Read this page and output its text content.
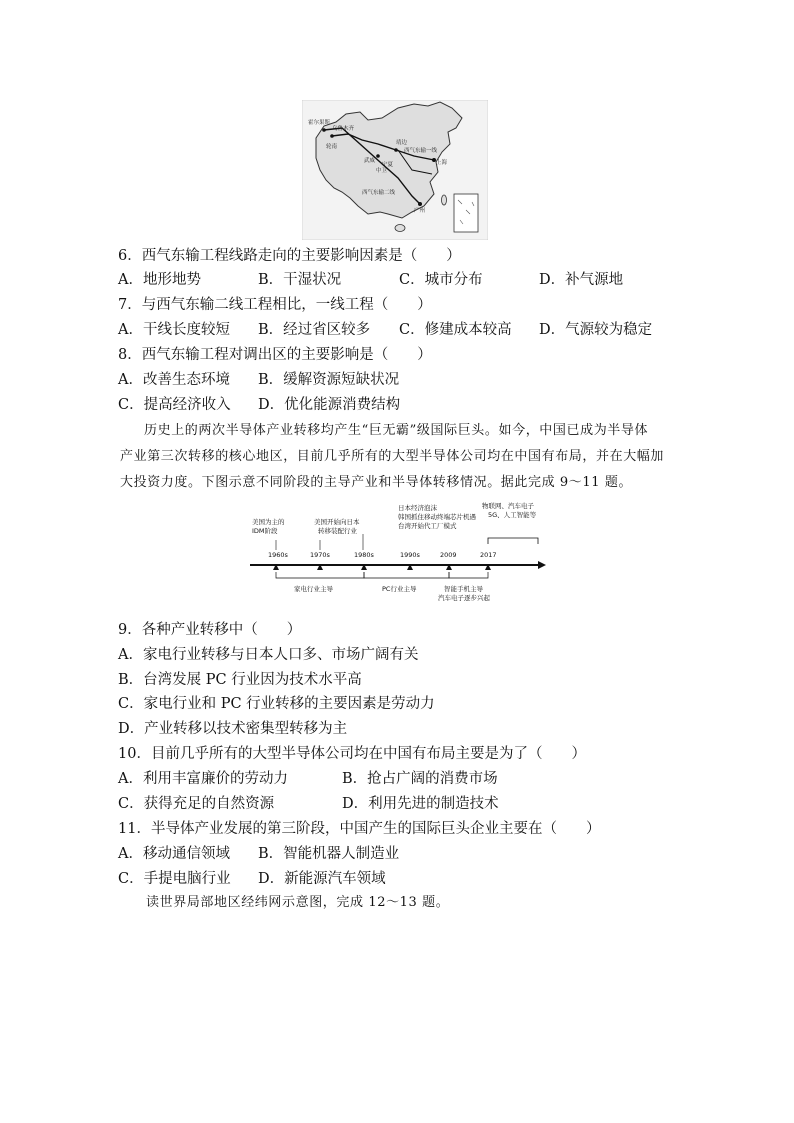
霍尔果斯
轮南
靖边
西气东输一线
西气东输二线
上海
广州
宁夏
武威
中卫
乌鲁木齐
6．西气东输工程线路走向的主要影响因素是（　　）
A．地形地势	B．干湿状况	C．城市分布	D．补气源地
7．与西气东输二线工程相比，一线工程（　　）
A．干线长度较短 B．经过省区较多 C．修建成本较高 D．气源较为稳定
8．西气东输工程对调出区的主要影响是（　　）
A．改善生态环境 B．缓解资源短缺状况
C．提高经济收入 D．优化能源消费结构

历史上的两次半导体产业转移均产生“巨无霸”级国际巨头。如今，中国已成为半导体

产业第三次转移的核心地区，目前几乎所有的大型半导体公司均在中国有布局，并在大幅加

大投资力度。下图示意不同阶段的主导产业和半导体转移情况。据此完成 9～11 题。

美国为主的
IDM阶段
美国开始向日本
转移装配行业
日本经济泡沫
韩国抓住移动终端芯片机遇
台湾开始代工厂模式
物联网、汽车电子
5G、人工智能等
1960s	1970s	1980s	1990s	2009	2017
家电行业主导	PC行业主导	智能手机主导
汽车电子逐步兴起
9．各种产业转移中（　　）
A．家电行业转移与日本人口多、市场广阔有关
B．台湾发展 PC 行业因为技术水平高
C．家电行业和 PC 行业转移的主要因素是劳动力
D．产业转移以技术密集型转移为主
10．目前几乎所有的大型半导体公司均在中国有布局主要是为了（　　）
A．利用丰富廉价的劳动力	B．抢占广阔的消费市场
C．获得充足的自然资源	D．利用先进的制造技术
11．半导体产业发展的第三阶段，中国产生的国际巨头企业主要在（　　）
A．移动通信领域 B．智能机器人制造业
C．手提电脑行业 D．新能源汽车领域

读世界局部地区经纬网示意图，完成 12～13 题。
